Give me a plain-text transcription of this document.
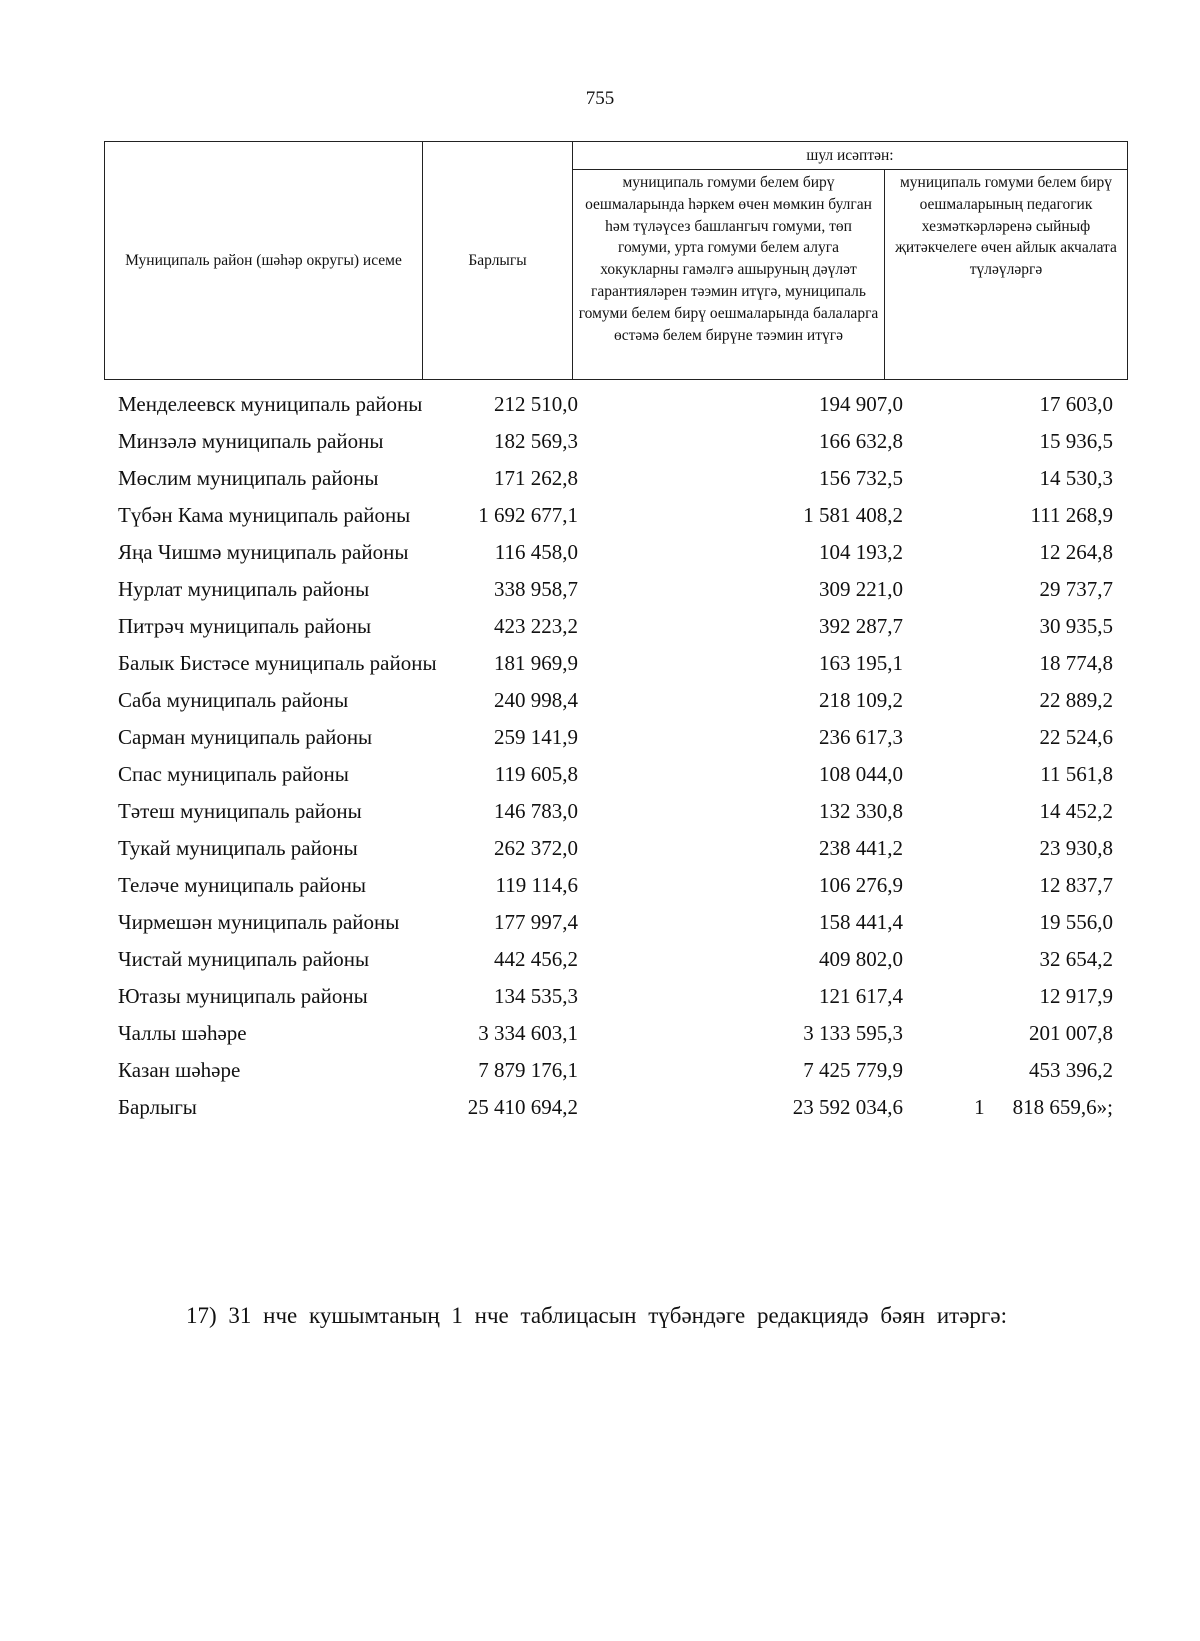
755
Муниципаль район (шәһәр округы) исеме	Барлыгы	шул исәптән:	
		муниципаль гомуми белем бирү оешмаларында һәркем өчен мөмкин булган һәм түләүсез башлангыч гомуми, төп гомуми, урта гомуми белем алуга хокукларны гамәлгә ашыруның дәүләт гарантияләрен тәэмин итүгә, муниципаль гомуми белем бирү оешмаларында балаларга өстәмә белем бирүне тәэмин итүгә	муниципаль гомуми белем бирү оешмаларының педагогик хезмәткәрләренә сыйныф җитәкчелеге өчен айлык акчалата түләүләргә
Менделеевск муниципаль районы	212 510,0	194 907,0	17 603,0
Минзәлә муниципаль районы	182 569,3	166 632,8	15 936,5
Мөслим муниципаль районы	171 262,8	156 732,5	14 530,3
Түбән Кама муниципаль районы	1 692 677,1	1 581 408,2	111 268,9
Яңа Чишмә муниципаль районы	116 458,0	104 193,2	12 264,8
Нурлат муниципаль районы	338 958,7	309 221,0	29 737,7
Питрәч муниципаль районы	423 223,2	392 287,7	30 935,5
Балык Бистәсе муниципаль районы	181 969,9	163 195,1	18 774,8
Саба муниципаль районы	240 998,4	218 109,2	22 889,2
Сарман муниципаль районы	259 141,9	236 617,3	22 524,6
Спас муниципаль районы	119 605,8	108 044,0	11 561,8
Тәтеш муниципаль районы	146 783,0	132 330,8	14 452,2
Тукай муниципаль районы	262 372,0	238 441,2	23 930,8
Теләче муниципаль районы	119 114,6	106 276,9	12 837,7
Чирмешән муниципаль районы	177 997,4	158 441,4	19 556,0
Чистай муниципаль районы	442 456,2	409 802,0	32 654,2
Ютазы муниципаль районы	134 535,3	121 617,4	12 917,9
Чаллы шәһәре	3 334 603,1	3 133 595,3	201 007,8
Казан шәһәре	7 879 176,1	7 425 779,9	453 396,2
Барлыгы	25 410 694,2	23 592 034,6	1 818 659,6»;
17) 31 нче кушымтаның 1 нче таблицасын түбәндәге редакциядә бәян итәргә:
